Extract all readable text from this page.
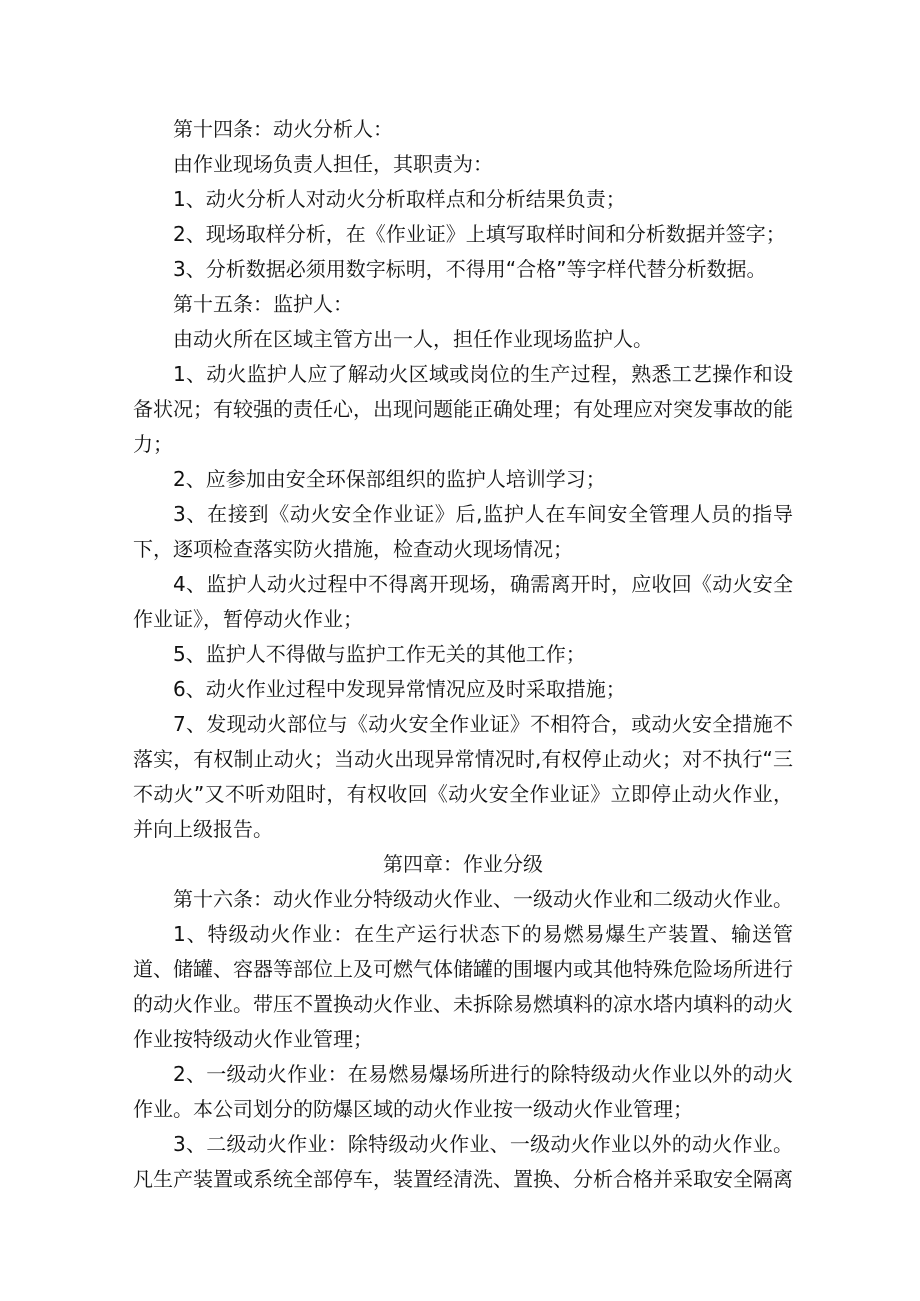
第十四条：动火分析人：

由作业现场负责人担任，其职责为：

1、动火分析人对动火分析取样点和分析结果负责；

2、现场取样分析，在《作业证》上填写取样时间和分析数据并签字；

3、分析数据必须用数字标明，不得用“合格”等字样代替分析数据。

第十五条：监护人：

由动火所在区域主管方出一人，担任作业现场监护人。

1、动火监护人应了解动火区域或岗位的生产过程，熟悉工艺操作和设备状况；有较强的责任心，出现问题能正确处理；有处理应对突发事故的能力；

2、应参加由安全环保部组织的监护人培训学习；

3、在接到《动火安全作业证》后,监护人在车间安全管理人员的指导下，逐项检查落实防火措施，检查动火现场情况；

4、监护人动火过程中不得离开现场，确需离开时，应收回《动火安全作业证》，暂停动火作业；

5、监护人不得做与监护工作无关的其他工作；

6、动火作业过程中发现异常情况应及时采取措施；

7、发现动火部位与《动火安全作业证》不相符合，或动火安全措施不落实，有权制止动火；当动火出现异常情况时,有权停止动火；对不执行“三不动火”又不听劝阻时，有权收回《动火安全作业证》立即停止动火作业，并向上级报告。

第四章：作业分级

第十六条：动火作业分特级动火作业、一级动火作业和二级动火作业。

1、特级动火作业：在生产运行状态下的易燃易爆生产装置、输送管道、储罐、容器等部位上及可燃气体储罐的围堰内或其他特殊危险场所进行的动火作业。带压不置换动火作业、未拆除易燃填料的凉水塔内填料的动火作业按特级动火作业管理；

2、一级动火作业：在易燃易爆场所进行的除特级动火作业以外的动火作业。本公司划分的防爆区域的动火作业按一级动火作业管理；

3、二级动火作业：除特级动火作业、一级动火作业以外的动火作业。凡生产装置或系统全部停车，装置经清洗、置换、分析合格并采取安全隔离
